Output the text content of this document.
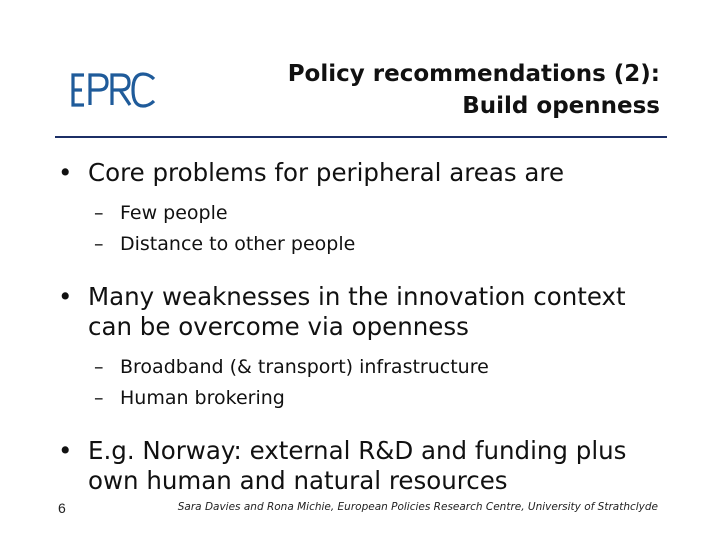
Policy recommendations (2):
Build openness
• Core problems for peripheral areas are
– Few people
– Distance to other people
• Many weaknesses in the innovation context
can be overcome via openness
– Broadband (& transport) infrastructure
– Human brokering
• E.g. Norway: external R&D and funding plus
own human and natural resources
6	Sara Davies and Rona Michie, European Policies Research Centre, University of Strathclyde
